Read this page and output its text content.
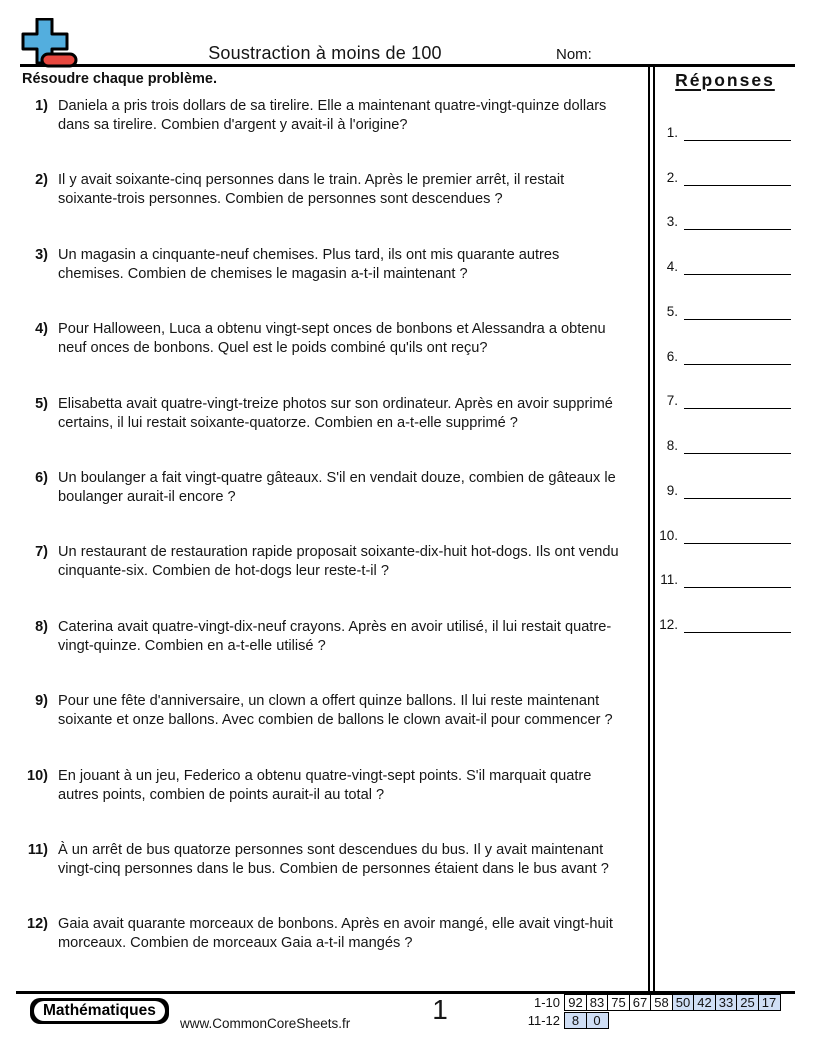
Soustraction à moins de 100	Nom:
Résoudre chaque problème.
1) Daniela a pris trois dollars de sa tirelire. Elle a maintenant quatre-vingt-quinze dollars dans sa tirelire. Combien d'argent y avait-il à l'origine?
2) Il y avait soixante-cinq personnes dans le train. Après le premier arrêt, il restait soixante-trois personnes. Combien de personnes sont descendues ?
3) Un magasin a cinquante-neuf chemises. Plus tard, ils ont mis quarante autres chemises. Combien de chemises le magasin a-t-il maintenant ?
4) Pour Halloween, Luca a obtenu vingt-sept onces de bonbons et Alessandra a obtenu neuf onces de bonbons. Quel est le poids combiné qu'ils ont reçu?
5) Elisabetta avait quatre-vingt-treize photos sur son ordinateur. Après en avoir supprimé certains, il lui restait soixante-quatorze. Combien en a-t-elle supprimé ?
6) Un boulanger a fait vingt-quatre gâteaux. S'il en vendait douze, combien de gâteaux le boulanger aurait-il encore ?
7) Un restaurant de restauration rapide proposait soixante-dix-huit hot-dogs. Ils ont vendu cinquante-six. Combien de hot-dogs leur reste-t-il ?
8) Caterina avait quatre-vingt-dix-neuf crayons. Après en avoir utilisé, il lui restait quatre-vingt-quinze. Combien en a-t-elle utilisé ?
9) Pour une fête d'anniversaire, un clown a offert quinze ballons. Il lui reste maintenant soixante et onze ballons. Avec combien de ballons le clown avait-il pour commencer ?
10) En jouant à un jeu, Federico a obtenu quatre-vingt-sept points. S'il marquait quatre autres points, combien de points aurait-il au total ?
11) À un arrêt de bus quatorze personnes sont descendues du bus. Il y avait maintenant vingt-cinq personnes dans le bus. Combien de personnes étaient dans le bus avant ?
12) Gaia avait quarante morceaux de bonbons. Après en avoir mangé, elle avait vingt-huit morceaux. Combien de morceaux Gaia a-t-il mangés ?
Réponses
1.
2.
3.
4.
5.
6.
7.
8.
9.
10.
11.
12.
Mathématiques
www.CommonCoreSheets.fr	1	1-10 92 83 75 67 58 50 42 33 25 17
11-12 8 0
